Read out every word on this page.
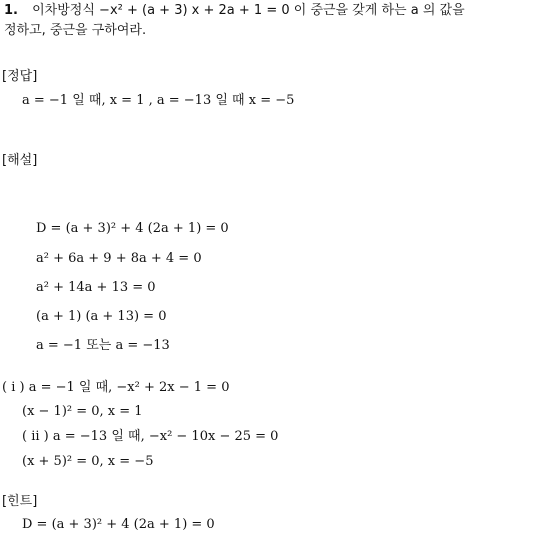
1. 이차방정식 −x² + (a + 3) x + 2a + 1 = 0 이 중근을 갖게 하는 a 의 값을
정하고, 중근을 구하여라.
[정답]
a = −1 일 때, x = 1 , a = −13 일 때 x = −5
[해설]
D = (a + 3)² + 4 (2a + 1) = 0
a² + 6a + 9 + 8a + 4 = 0
a² + 14a + 13 = 0
(a + 1) (a + 13) = 0
a = −1 또는 a = −13
( i ) a = −1 일 때, −x² + 2x − 1 = 0
(x − 1)² = 0, x = 1
( ii ) a = −13 일 때, −x² − 10x − 25 = 0
(x + 5)² = 0, x = −5
[힌트]
D = (a + 3)² + 4 (2a + 1) = 0
